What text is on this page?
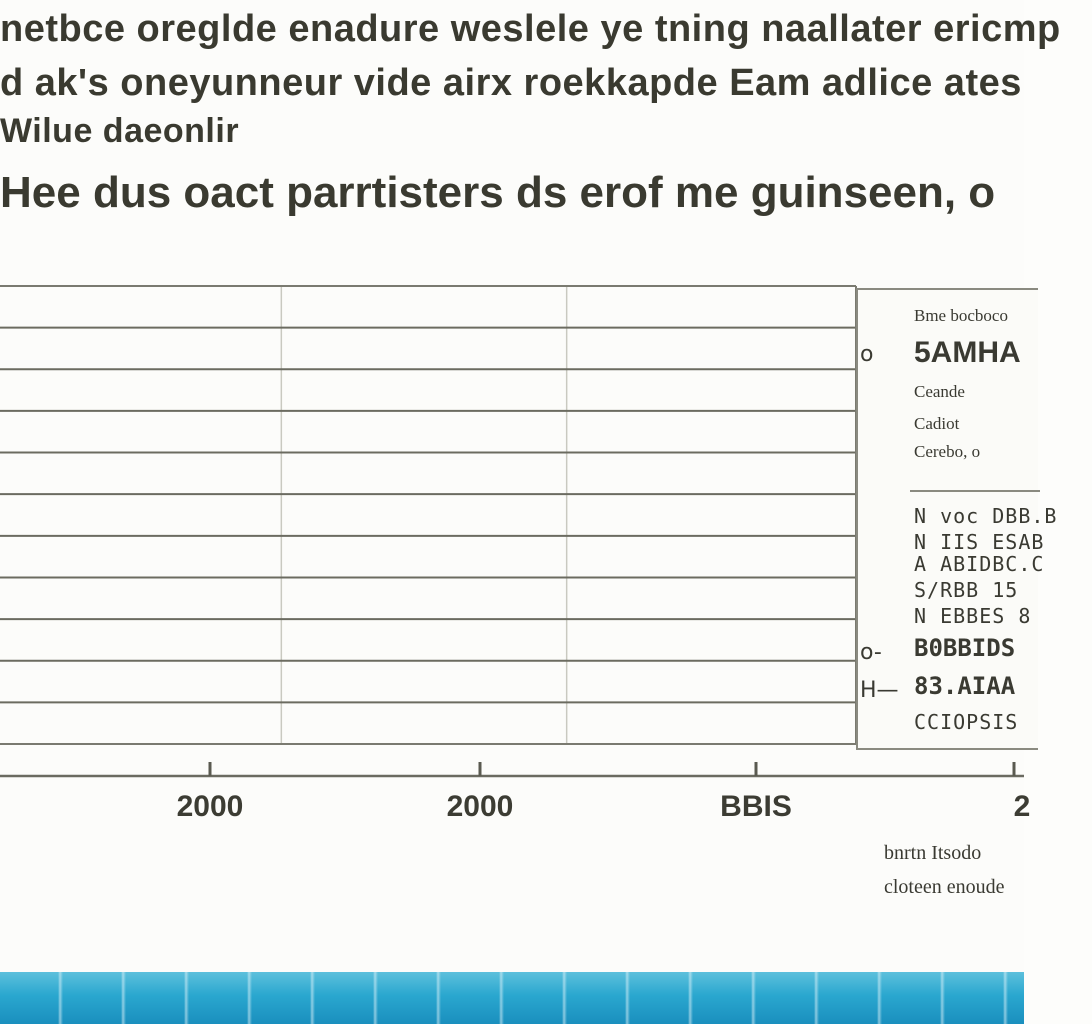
netbce oreglde enadure weslele ye tning naallater ericmp
d ak's oneyunneur vide airx roekkapde Eam adlice ates
Wilue daeonlir
Hee dus oact parrtisters ds erof me guinseen, o
2000	2000	BBIS	2
Bme bocboco
5AMHA
o
Ceande
Cadiot
Cerebo, o
N voc DBB.B
N IIS ESAB
A ABIDBC.C
S/RBB 15
N EBBES 8
B0BBIDS
o-
83.AIAA
H—
CCIOPSIS
bnrtn Itsodo
cloteen enoude
